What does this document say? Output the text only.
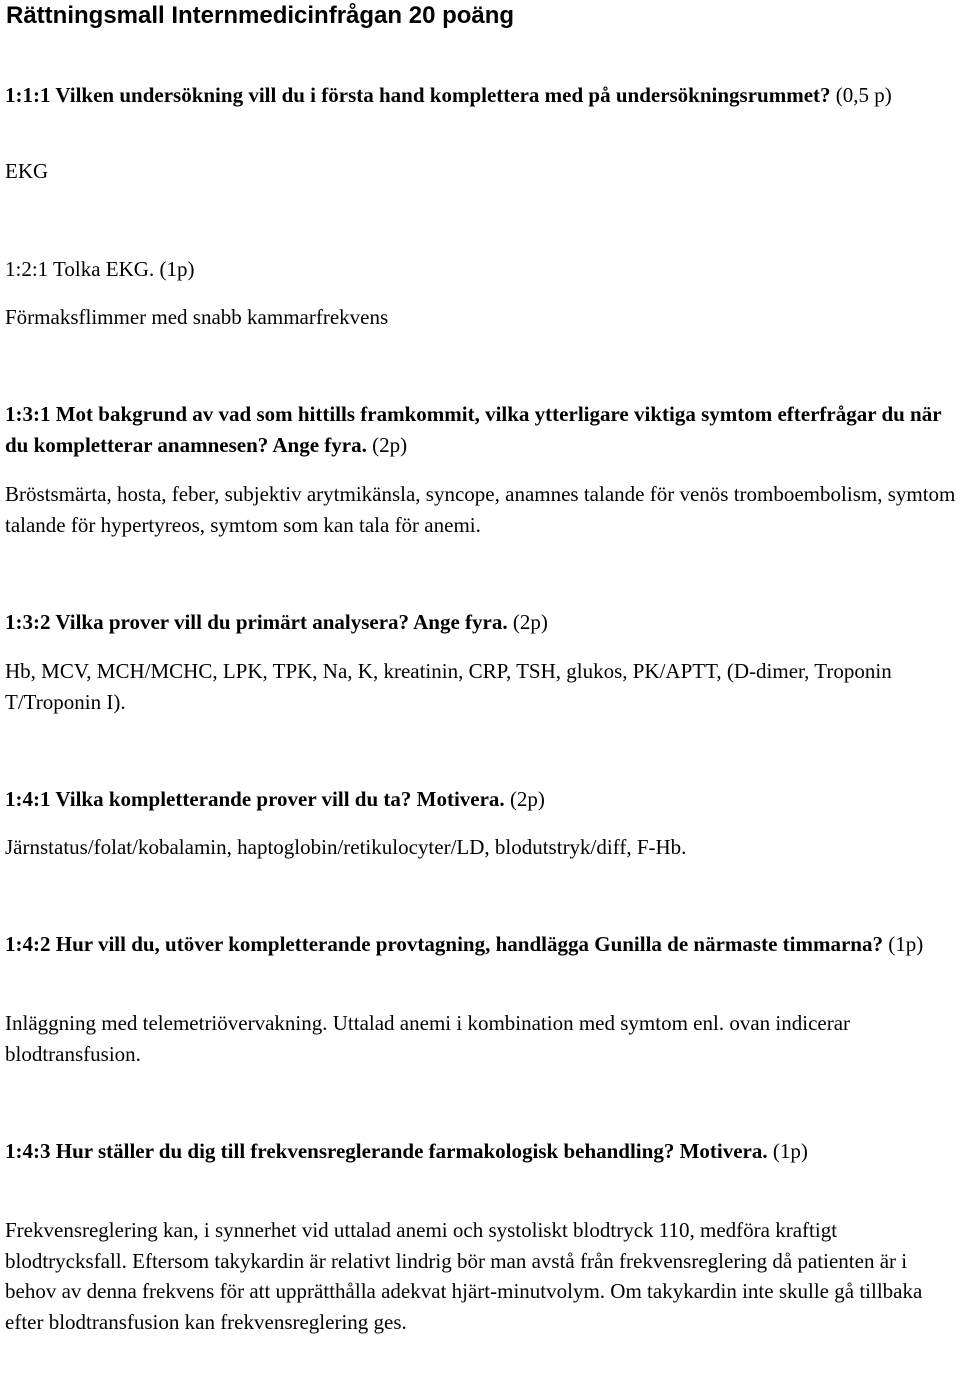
Rättningsmall Internmedicinfrågan 20 poäng

1:1:1 Vilken undersökning vill du i första hand komplettera med på undersökningsrummet? (0,5 p)

EKG

1:2:1 Tolka EKG. (1p)

Förmaksflimmer med snabb kammarfrekvens

1:3:1 Mot bakgrund av vad som hittills framkommit, vilka ytterligare viktiga symtom efterfrågar du när du kompletterar anamnesen? Ange fyra. (2p)

Bröstsmärta, hosta, feber, subjektiv arytmikänsla, syncope, anamnes talande för venös tromboembolism, symtom talande för hypertyreos, symtom som kan tala för anemi.

1:3:2 Vilka prover vill du primärt analysera? Ange fyra. (2p)

Hb, MCV, MCH/MCHC, LPK, TPK, Na, K, kreatinin, CRP, TSH, glukos, PK/APTT, (D-dimer, Troponin T/Troponin I).

1:4:1 Vilka kompletterande prover vill du ta? Motivera. (2p)

Järnstatus/folat/kobalamin, haptoglobin/retikulocyter/LD, blodutstryk/diff, F-Hb.

1:4:2 Hur vill du, utöver kompletterande provtagning, handlägga Gunilla de närmaste timmarna? (1p)

Inläggning med telemetriövervakning. Uttalad anemi i kombination med symtom enl. ovan indicerar blodtransfusion.

1:4:3 Hur ställer du dig till frekvensreglerande farmakologisk behandling? Motivera. (1p)

Frekvensreglering kan, i synnerhet vid uttalad anemi och systoliskt blodtryck 110, medföra kraftigt blodtrycksfall. Eftersom takykardin är relativt lindrig bör man avstå från frekvensreglering då patienten är i behov av denna frekvens för att upprätthålla adekvat hjärt-minutvolym. Om takykardin inte skulle gå tillbaka efter blodtransfusion kan frekvensreglering ges.
